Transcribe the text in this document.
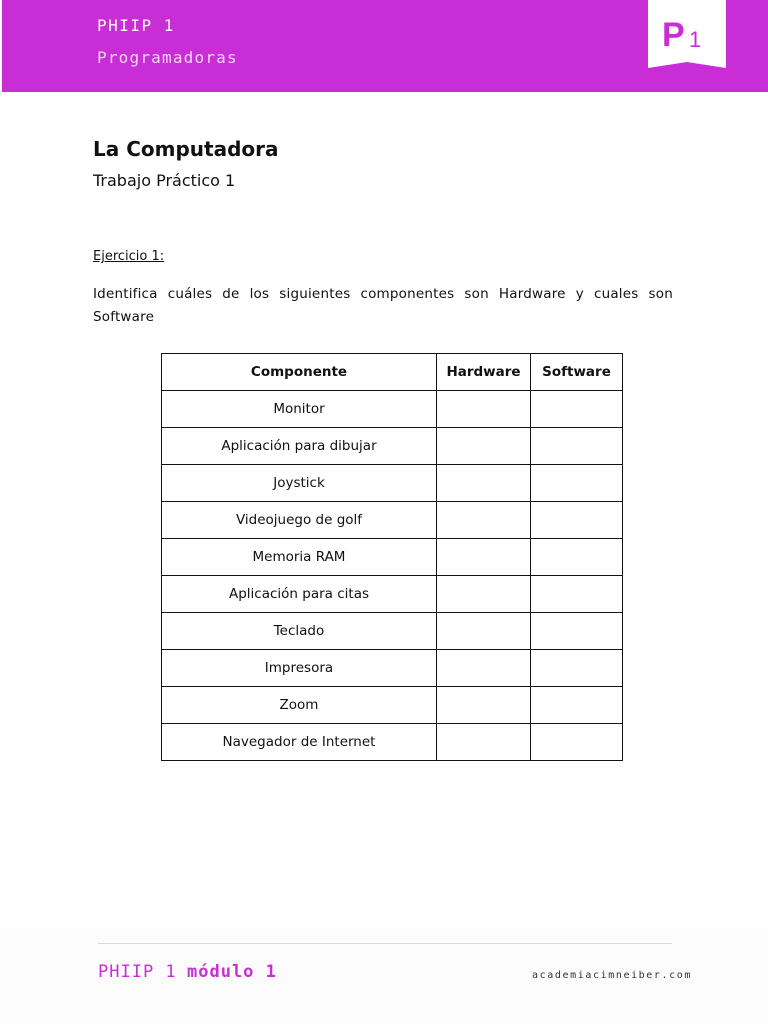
PHIIP 1
Programadoras
P 1
La Computadora
Trabajo Práctico 1
Ejercicio 1:
Identifica cuáles de los siguientes componentes son Hardware y cuales son Software
Componente	Hardware	Software
Monitor		
Aplicación para dibujar		
Joystick		
Videojuego de golf		
Memoria RAM		
Aplicación para citas		
Teclado		
Impresora		
Zoom		
Navegador de Internet		
PHIIP 1 módulo 1	academiacimneiber.com
